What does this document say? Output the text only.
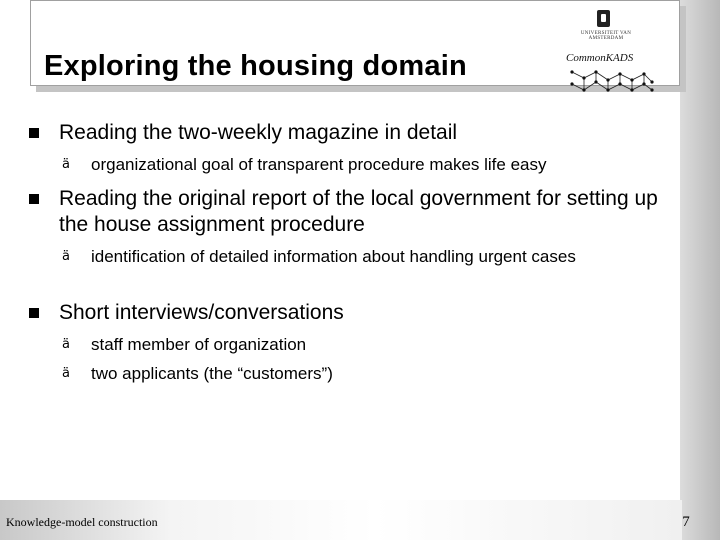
Exploring the housing domain
UNIVERSITEIT VAN AMSTERDAM

CommonKADS

Reading the two-weekly magazine in detail
ä organizational goal of transparent procedure makes life easy
Reading the original report of the local government for setting up the house assignment procedure
ä identification of detailed information about handling urgent cases
Short interviews/conversations
ä staff member of organization
ä two applicants (the “customers”)
Knowledge-model construction	7
